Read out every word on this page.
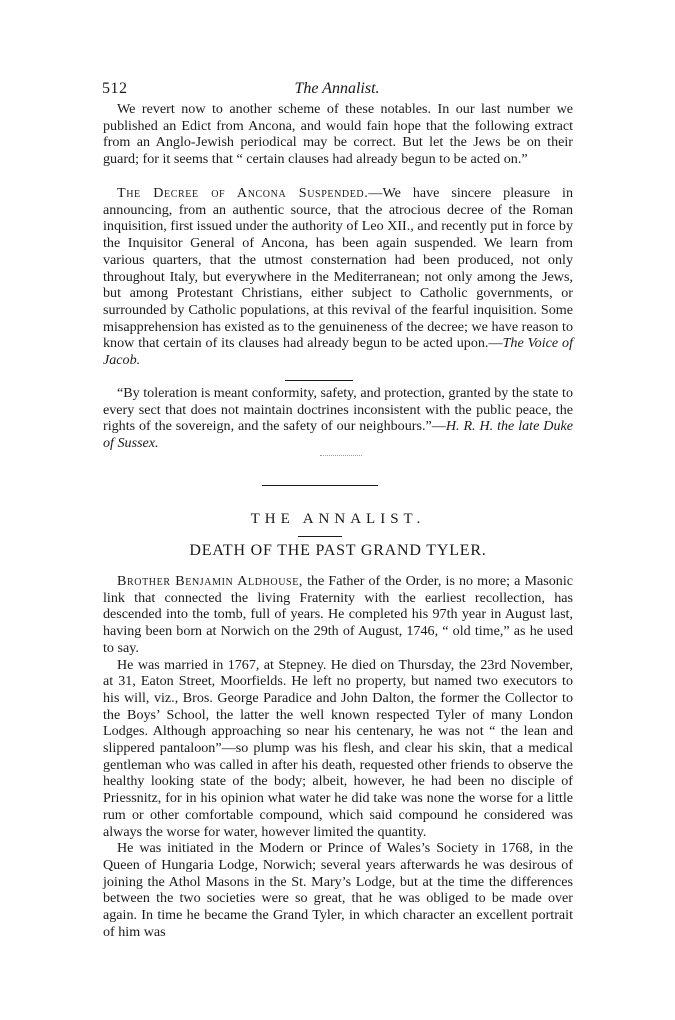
512	The Annalist.

We revert now to another scheme of these notables. In our last number we published an Edict from Ancona, and would fain hope that the following extract from an Anglo-Jewish periodical may be correct. But let the Jews be on their guard; for it seems that “ certain clauses had already begun to be acted on.”

The Decree of Ancona Suspended.—We have sincere pleasure in announcing, from an authentic source, that the atrocious decree of the Roman inquisition, first issued under the authority of Leo XII., and recently put in force by the Inquisitor General of Ancona, has been again suspended. We learn from various quarters, that the utmost consternation had been produced, not only throughout Italy, but everywhere in the Mediterranean; not only among the Jews, but among Protestant Christians, either subject to Catholic governments, or surrounded by Catholic populations, at this revival of the fearful inquisition. Some misapprehension has existed as to the genuineness of the decree; we have reason to know that certain of its clauses had already begun to be acted upon.—The Voice of Jacob.

“By toleration is meant conformity, safety, and protection, granted by the state to every sect that does not maintain doctrines inconsistent with the public peace, the rights of the sovereign, and the safety of our neighbours.”—H. R. H. the late Duke of Sussex.

THE ANNALIST.
DEATH OF THE PAST GRAND TYLER.

Brother Benjamin Aldhouse, the Father of the Order, is no more; a Masonic link that connected the living Fraternity with the earliest recollection, has descended into the tomb, full of years. He completed his 97th year in August last, having been born at Norwich on the 29th of August, 1746, “ old time,” as he used to say.

He was married in 1767, at Stepney. He died on Thursday, the 23rd November, at 31, Eaton Street, Moorfields. He left no property, but named two executors to his will, viz., Bros. George Paradice and John Dalton, the former the Collector to the Boys’ School, the latter the well known respected Tyler of many London Lodges. Although approaching so near his centenary, he was not “ the lean and slippered pantaloon”—so plump was his flesh, and clear his skin, that a medical gentleman who was called in after his death, requested other friends to observe the healthy looking state of the body; albeit, however, he had been no disciple of Priessnitz, for in his opinion what water he did take was none the worse for a little rum or other comfortable compound, which said compound he considered was always the worse for water, however limited the quantity.

He was initiated in the Modern or Prince of Wales’s Society in 1768, in the Queen of Hungaria Lodge, Norwich; several years afterwards he was desirous of joining the Athol Masons in the St. Mary’s Lodge, but at the time the differences between the two societies were so great, that he was obliged to be made over again. In time he became the Grand Tyler, in which character an excellent portrait of him was
